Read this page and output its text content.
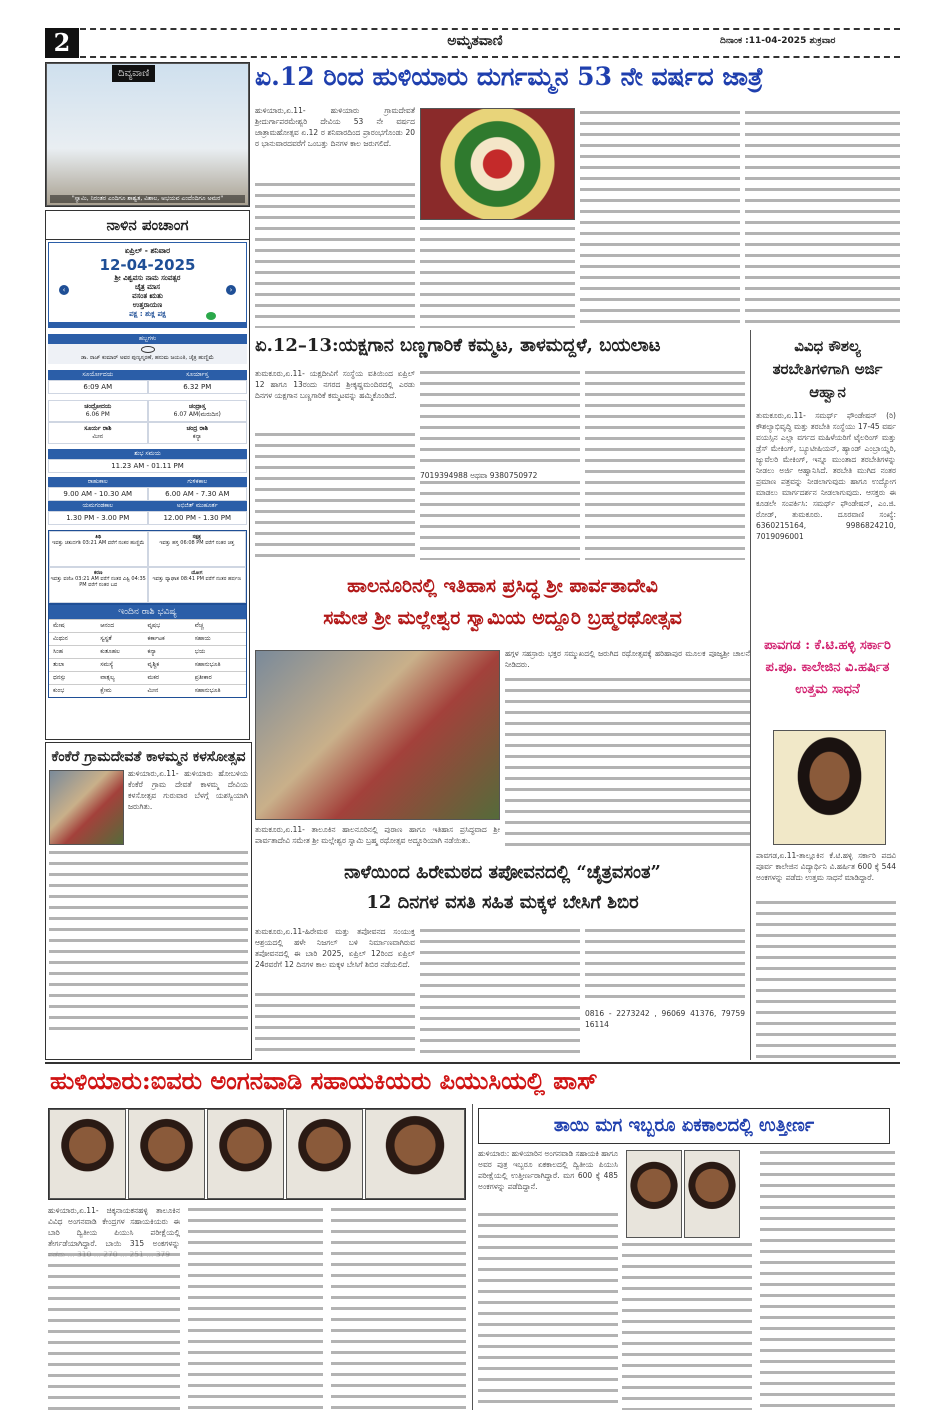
2	ಅಮೃತವಾಣಿ	ದಿನಾಂಕ :11-04-2025 ಶುಕ್ರವಾರ
ದಿವ್ಯವಾಣಿ
"ಸ್ವಾಮಿ, ನಿರಂತರ ಎಂದಿಗೂ ಶಾಶ್ವತ, ವಿಶಾಲ, ಅಭಯವ ಎಂದೆಂದಿಗೂ ಅಮರ"
ನಾಳಿನ ಪಂಚಾಂಗ
ಏಪ್ರಿಲ್ - ಶನಿವಾರ
12-04-2025
ಶ್ರೀ ವಿಶ್ವವಸು ನಾಮ ಸಂವತ್ಸರ
ಚೈತ್ರ ಮಾಸ
ವಸಂತ ಋತು
ಉತ್ತರಾಯಣ
ಪಕ್ಷ : ಶುಕ್ಲ ಪಕ್ಷ
‹	›
ಹಬ್ಬಗಳು
ಡಾ. ರಾಜ್ ಕುಮಾರ್ ಅವರ ಪುಣ್ಯಸ್ಮರಣೆ, ಹನುಮ ಜಯಂತಿ, ಚೈತ್ರ ಹುಣ್ಣಿಮೆ
ಸೂರ್ಯೋದಯ	ಸೂರ್ಯಾಸ್ತ
6:09 AM	6.32 PM
ಚಂದ್ರೋದಯ
6.06 PM
ಚಂದ್ರಾಸ್ತ
6.07 AM(ಮರುದಿನ)
ಸೂರ್ಯ ರಾಶಿ
ಮೀನ
ಚಂದ್ರ ರಾಶಿ
ಕನ್ಯಾ
ಶುಭ ಸಮಯ
11.23 AM - 01.11 PM
ರಾಹುಕಾಲ	ಗುಳಿಕಕಾಲ
9.00 AM - 10.30 AM	6.00 AM - 7.30 AM
ಯಮಗಂಡಕಾಲ	ಅಭಿಜಿತ್ ಮುಹೂರ್ತ
1.30 PM - 3.00 PM	12.00 PM - 1.30 PM
ತಿಥಿ
ಇವತ್ತು ಚತುರ್ದಶಿ 03:21 AM ವರೆಗೆ ನಂತರ ಹುಣ್ಣಿಮೆ
ನಕ್ಷತ್ರ
ಇವತ್ತು ಹಸ್ತ 06:08 PM ವರೆಗೆ ನಂತರ ಚಿತ್ತ
ಕರಣ
ಇವತ್ತು ವಣಿಜ 03:21 AM ವರೆಗೆ ನಂತರ ವಿಷ್ಟಿ 04:35 PM ವರೆಗೆ ನಂತರ ಬವ
ಯೋಗ
ಇವತ್ತು ವ್ಯಾಘಾತ 08:41 PM ವರೆಗೆ ನಂತರ ಹರ್ಷಣ
ಇಂದಿನ ರಾಶಿ ಭವಿಷ್ಯ
ಮೇಷ	ಆನಂದ	ವೃಷಭ	ವೆಚ್ಚ
ಮಿಥುನ	ಸ್ವಸ್ಥತೆ	ಕರ್ಕಾಟಕ	ಸಹಾಯ
ಸಿಂಹ	ಕುತೂಹಲ	ಕನ್ಯಾ	ಭಯ
ತುಲಾ	ಸಮಸ್ಯೆ	ವೃಶ್ಚಿಕ	ಸಹಾನುಭೂತಿ
ಧನಸ್ಸು	ವಾತ್ಸಲ್ಯ	ಮಕರ	ಪ್ರತೀಕಾರ
ಕುಂಭ	ಕ್ಷೇಮ	ಮೀನ	ಸಹಾನುಭೂತಿ
ಕೆಂಕೆರೆ ಗ್ರಾಮದೇವತೆ ಕಾಳಮ್ಮನ ಕಳಸೋತ್ಸವ
ಹುಳಿಯಾರು,ಏ.11- ಹುಳಿಯಾರು ಹೋಬಳಿಯ ಕೆಂಕೆರೆ ಗ್ರಾಮ ದೇವತೆ ಕಾಳಮ್ಮ ದೇವಿಯ ಕಳಸೋತ್ಸವ ಗುರುವಾರ ಬೆಳಗ್ಗೆ ಯಶಸ್ವಿಯಾಗಿ ಜರುಗಿತು.
ಏ.12 ರಿಂದ ಹುಳಿಯಾರು ದುರ್ಗಮ್ಮನ 53 ನೇ ವರ್ಷದ ಜಾತ್ರೆ
ಹುಳಿಯಾರು,ಏ.11- ಹುಳಿಯಾರು ಗ್ರಾಮದೇವತೆ ಶ್ರೀದುರ್ಗಾಪರಮೇಶ್ವರಿ ದೇವಿಯ 53 ನೇ ವರ್ಷದ ಜಾತ್ರಾಮಹೋತ್ಸವ ಏ.12 ರ ಶನಿವಾರದಿಂದ ಪ್ರಾರಂಭಗೊಂಡು 20 ರ ಭಾನುವಾರದವರೆಗೆ ಒಂಬತ್ತು ದಿನಗಳ ಕಾಲ ಜರುಗಲಿದೆ.
ಏ.12–13:ಯಕ್ಷಗಾನ ಬಣ್ಣಗಾರಿಕೆ ಕಮ್ಮಟ, ತಾಳಮದ್ದಳೆ, ಬಯಲಾಟ
ತುಮಕೂರು,ಏ.11- ಯಕ್ಷದೀವಿಗೆ ಸಂಸ್ಥೆಯ ವತಿಯಿಂದ ಏಪ್ರಿಲ್ 12 ಹಾಗೂ 13ರಂದು ನಗರದ ಶ್ರೀಕೃಷ್ಣಮಂದಿರದಲ್ಲಿ ಎರಡು ದಿನಗಳ ಯಕ್ಷಗಾನ ಬಣ್ಣಗಾರಿಕೆ ಕಮ್ಮಟವನ್ನು ಹಮ್ಮಿಕೊಂಡಿದೆ.
7019394988 ಅಥವಾ 9380750972
ವಿವಿಧ ಕೌಶಲ್ಯ ತರಬೇತಿಗಳಿಗಾಗಿ ಅರ್ಜಿ ಆಹ್ವಾನ
ತುಮಕೂರು,ಏ.11- ಸಮರ್ಥ್ ಫೌಂಡೇಷನ್ (ರಿ) ಕೌಶಲ್ಯಾಭಿವೃದ್ಧಿ ಮತ್ತು ತರಬೇತಿ ಸಂಸ್ಥೆಯು 17-45 ವರ್ಷ ವಯಸ್ಸಿನ ಎಲ್ಲಾ ವರ್ಗದ ಮಹಿಳೆಯರಿಗೆ ಟೈಲರಿಂಗ್ ಮತ್ತು ಡ್ರೆಸ್ ಮೇಕಿಂಗ್, ಬ್ಯೂಟೀಷಿಯನ್, ಹ್ಯಾಂಡ್ ಎಂಬ್ರಾಯ್ಡರಿ, ಜ್ಯುವೆಲರಿ ಮೇಕಿಂಗ್, ಇನ್ನೂ ಮುಂತಾದ ತರಬೇತಿಗಳನ್ನು ನೀಡಲು ಅರ್ಜಿ ಆಹ್ವಾನಿಸಿದೆ. ತರಬೇತಿ ಮುಗಿದ ನಂತರ ಪ್ರಮಾಣ ಪತ್ರವನ್ನು ನೀಡಲಾಗುವುದು ಹಾಗೂ ಉದ್ಯೋಗ ಮಾಡಲು ಮಾರ್ಗದರ್ಶನ ನೀಡಲಾಗುವುದು. ಆಸಕ್ತರು ಈ ಕೂಡಲೇ ಸಂಪರ್ಕಿಸಿ: ಸಮರ್ಥ್ ಫೌಂಡೇಷನ್, ಎಂ.ಜಿ. ರೋಡ್, ತುಮಕೂರು. ದೂರವಾಣಿ ಸಂಖ್ಯೆ: 6360215164, 9986824210, 7019096001
ಪಾವಗಡ : ಕೆ.ಟಿ.ಹಳ್ಳಿ ಸರ್ಕಾರಿ ಪ.ಪೂ. ಕಾಲೇಜಿನ ವಿ.ಹರ್ಷಿತ ಉತ್ತಮ ಸಾಧನೆ
ಪಾವಗಡ,ಏ.11-ತಾಲ್ಲೂಕಿನ ಕೆ.ಟಿ.ಹಳ್ಳಿ ಸರ್ಕಾರಿ ಪದವಿ ಪೂರ್ವ ಕಾಲೇಜಿನ ವಿದ್ಯಾರ್ಥಿನಿ ವಿ.ಹರ್ಷಿತ 600 ಕ್ಕೆ 544 ಅಂಕಗಳನ್ನು ಪಡೆದು ಉತ್ತಮ ಸಾಧನೆ ಮಾಡಿದ್ದಾರೆ.
ಹಾಲನೂರಿನಲ್ಲಿ ಇತಿಹಾಸ ಪ್ರಸಿದ್ಧ ಶ್ರೀ ಪಾರ್ವತಾದೇವಿ
ಸಮೇತ ಶ್ರೀ ಮಲ್ಲೇಶ್ವರ ಸ್ವಾಮಿಯ ಅದ್ದೂರಿ ಬ್ರಹ್ಮರಥೋತ್ಸವ
ತುಮಕೂರು,ಏ.11- ತಾಲೂಕಿನ ಹಾಲನೂರಿನಲ್ಲಿ ಪುರಾಣ ಹಾಗೂ ಇತಿಹಾಸ ಪ್ರಸಿದ್ಧವಾದ ಶ್ರೀ ಪಾರ್ವತಾದೇವಿ ಸಮೇತ ಶ್ರೀ ಮಲ್ಲೇಶ್ವರ ಸ್ವಾಮಿ ಬ್ರಹ್ಮ ರಥೋತ್ಸವ ಅದ್ದೂರಿಯಾಗಿ ನಡೆಯಿತು.
ಹಗ್ಗಳ ಸಹಸ್ರಾರು ಭಕ್ತರ ಸಮ್ಮುಖದಲ್ಲಿ ಜರುಗಿದ ರಥೋತ್ಸವಕ್ಕೆ ಹರಿಹಾಪುರ ಮೂಲಕ ಪೂಜ್ಯಶ್ರೀ ಚಾಲನೆ ನೀಡಿದರು.
ನಾಳೆಯಿಂದ ಹಿರೇಮಠದ ತಪೋವನದಲ್ಲಿ “ಚೈತ್ರವಸಂತ”
12 ದಿನಗಳ ವಸತಿ ಸಹಿತ ಮಕ್ಕಳ ಬೇಸಿಗೆ ಶಿಬಿರ
ತುಮಕೂರು,ಏ.11-ಹಿರೇಮಠ ಮತ್ತು ತಪೋವನದ ಸಂಯುಕ್ತ ಆಶ್ರಯದಲ್ಲಿ ಹಳೇ ನಿಜಗಲ್ ಬಳಿ ನಿರ್ಮಾಣವಾಗಿರುವ ತಪೋವನದಲ್ಲಿ ಈ ಬಾರಿ 2025, ಏಪ್ರಿಲ್ 12ರಿಂದ ಏಪ್ರಿಲ್ 24ರವರೆಗೆ 12 ದಿನಗಳ ಕಾಲ ಮಕ್ಕಳ ಬೇಸಿಗೆ ಶಿಬಿರ ನಡೆಯಲಿದೆ.
0816 - 2273242 , 96069 41376, 79759 16114
ಹುಳಿಯಾರು:ಐವರು ಅಂಗನವಾಡಿ ಸಹಾಯಕಿಯರು ಪಿಯುಸಿಯಲ್ಲಿ ಪಾಸ್
ಹುಳಿಯಾರು,ಏ.11- ಚಿಕ್ಕನಾಯಕನಹಳ್ಳಿ ತಾಲೂಕಿನ ವಿವಿಧ ಅಂಗನವಾಡಿ ಕೇಂದ್ರಗಳ ಸಹಾಯಕಿಯರು ಈ ಬಾರಿ ದ್ವಿತೀಯ ಪಿಯುಸಿ ಪರೀಕ್ಷೆಯಲ್ಲಿ ತೇರ್ಗಡೆಯಾಗಿದ್ದಾರೆ. ಬಾಯಿ 315 ಅಂಕಗಳನ್ನು
ತಾಯಿ ಮಗ ಇಬ್ಬರೂ ಏಕಕಾಲದಲ್ಲಿ ಉತ್ತೀರ್ಣ
ಹುಳಿಯಾರು: ಹುಳಿಯಾರಿನ ಅಂಗನವಾಡಿ ಸಹಾಯಕಿ ಹಾಗೂ ಅವರ ಪುತ್ರ ಇಬ್ಬರೂ ಏಕಕಾಲದಲ್ಲಿ ದ್ವಿತೀಯ ಪಿಯುಸಿ ಪರೀಕ್ಷೆಯಲ್ಲಿ ಉತ್ತೀರ್ಣರಾಗಿದ್ದಾರೆ. ಮಗ 600 ಕ್ಕೆ 485 ಅಂಕಗಳನ್ನು ಪಡೆದಿದ್ದಾನೆ.
